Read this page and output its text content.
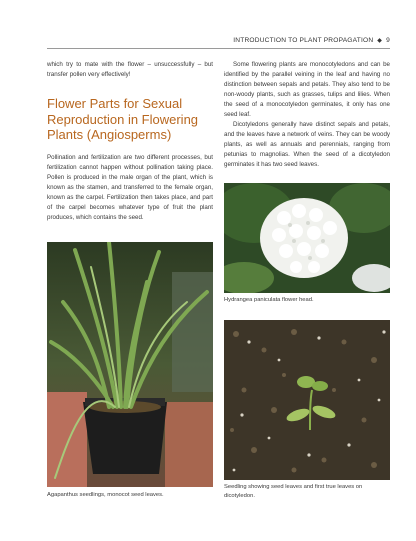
INTRODUCTION TO PLANT PROPAGATION ◆ 9

which try to mate with the flower – unsuccessfully – but transfer pollen very effectively!

Flower Parts for Sexual Reproduction in Flowering Plants (Angiosperms)

Pollination and fertilization are two different processes, but fertilization cannot happen without pollination taking place. Pollen is produced in the male organ of the plant, which is known as the stamen, and transferred to the female organ, known as the carpel. Fertilization then takes place, and part of the carpel becomes whatever type of fruit the plant produces, which contains the seed.

Some flowering plants are monocotyledons and can be identified by the parallel veining in the leaf and having no distinction between sepals and petals. They also tend to be non-woody plants, such as grasses, tulips and lilies. When the seed of a monocotyledon germinates, it only has one seed leaf.

Dicotyledons generally have distinct sepals and petals, and the leaves have a network of veins. They can be woody plants, as well as annuals and perennials, ranging from petunias to magnolias. When the seed of a dicotyledon germinates it has two seed leaves.

Agapanthus seedlings, monocot seed leaves.
Hydrangea paniculata flower head.
Seedling showing seed leaves and first true leaves on dicotyledon.
